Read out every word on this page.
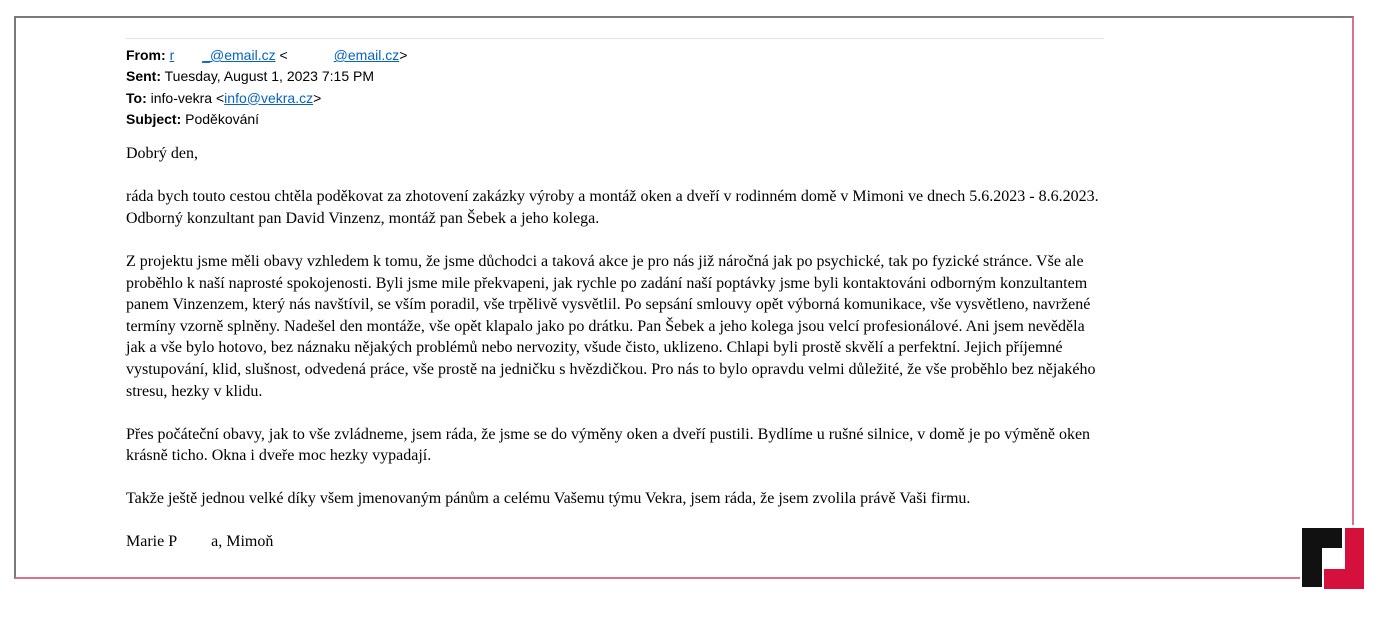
From: r _@email.cz <	@email.cz>
Sent: Tuesday, August 1, 2023 7:15 PM
To: info-vekra <info@vekra.cz>
Subject: Poděkování

Dobrý den,

ráda bych touto cestou chtěla poděkovat za zhotovení zakázky výroby a montáž oken a dveří v rodinném domě v Mimoni ve dnech 5.6.2023 - 8.6.2023. Odborný konzultant pan David Vinzenz, montáž pan Šebek a jeho kolega.

Z projektu jsme měli obavy vzhledem k tomu, že jsme důchodci a taková akce je pro nás již náročná jak po psychické, tak po fyzické stránce. Vše ale proběhlo k naší naprosté spokojenosti. Byli jsme mile překvapeni, jak rychle po zadání naší poptávky jsme byli kontaktováni odborným konzultantem panem Vinzenzem, který nás navštívil, se vším poradil, vše trpělivě vysvětlil. Po sepsání smlouvy opět výborná komunikace, vše vysvětleno, navržené termíny vzorně splněny. Nadešel den montáže, vše opět klapalo jako po drátku. Pan Šebek a jeho kolega jsou velcí profesionálové. Ani jsem nevěděla jak a vše bylo hotovo, bez náznaku nějakých problémů nebo nervozity, všude čisto, uklizeno. Chlapi byli prostě skvělí a perfektní. Jejich příjemné vystupování, klid, slušnost, odvedená práce, vše prostě na jedničku s hvězdičkou. Pro nás to bylo opravdu velmi důležité, že vše proběhlo bez nějakého stresu, hezky v klidu.

Přes počáteční obavy, jak to vše zvládneme, jsem ráda, že jsme se do výměny oken a dveří pustili. Bydlíme u rušné silnice, v domě je po výměně oken krásně ticho. Okna i dveře moc hezky vypadají.

Takže ještě jednou velké díky všem jmenovaným pánům a celému Vašemu týmu Vekra, jsem ráda, že jsem zvolila právě Vaši firmu.

Marie P a, Mimoň
